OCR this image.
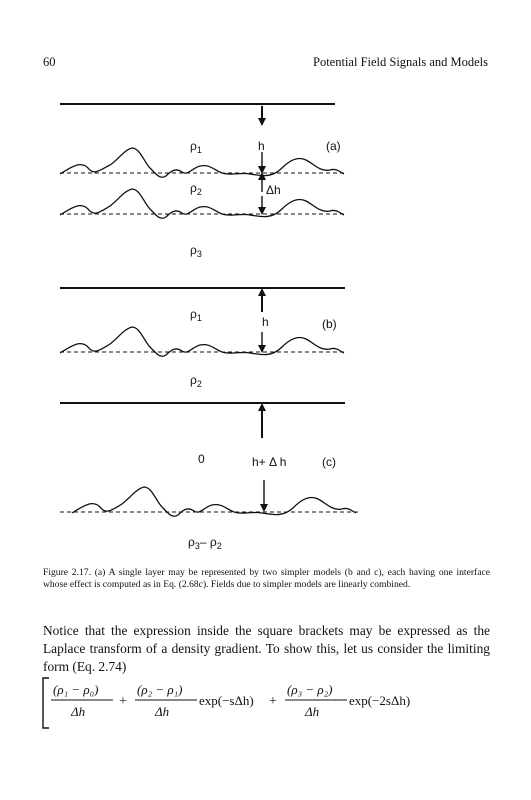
60	Potential Field Signals and Models
$\rho_1$	h	(a)
$\rho_2$	Δh
$\rho_3$
$\rho_1$	h	(b)
$\rho_2$
0	h+ Δ h	(c)
$\rho_3-$ $\rho_2$
Figure 2.17. (a) A single layer may be represented by two simpler models (b and c), each having one interface whose effect is computed as in Eq. (2.68c). Fields due to simpler models are linearly combined.
Notice that the expression inside the square brackets may be expressed as the Laplace transform of a density gradient. To show this, let us consider the limiting form (Eq. 2.74)
(ρ₁ − ρ₀)
Δh
+
(ρ₂ − ρ₁)
Δh
exp(−sΔh) +
(ρ₃ − ρ₂)
Δh
exp(−2sΔh)
